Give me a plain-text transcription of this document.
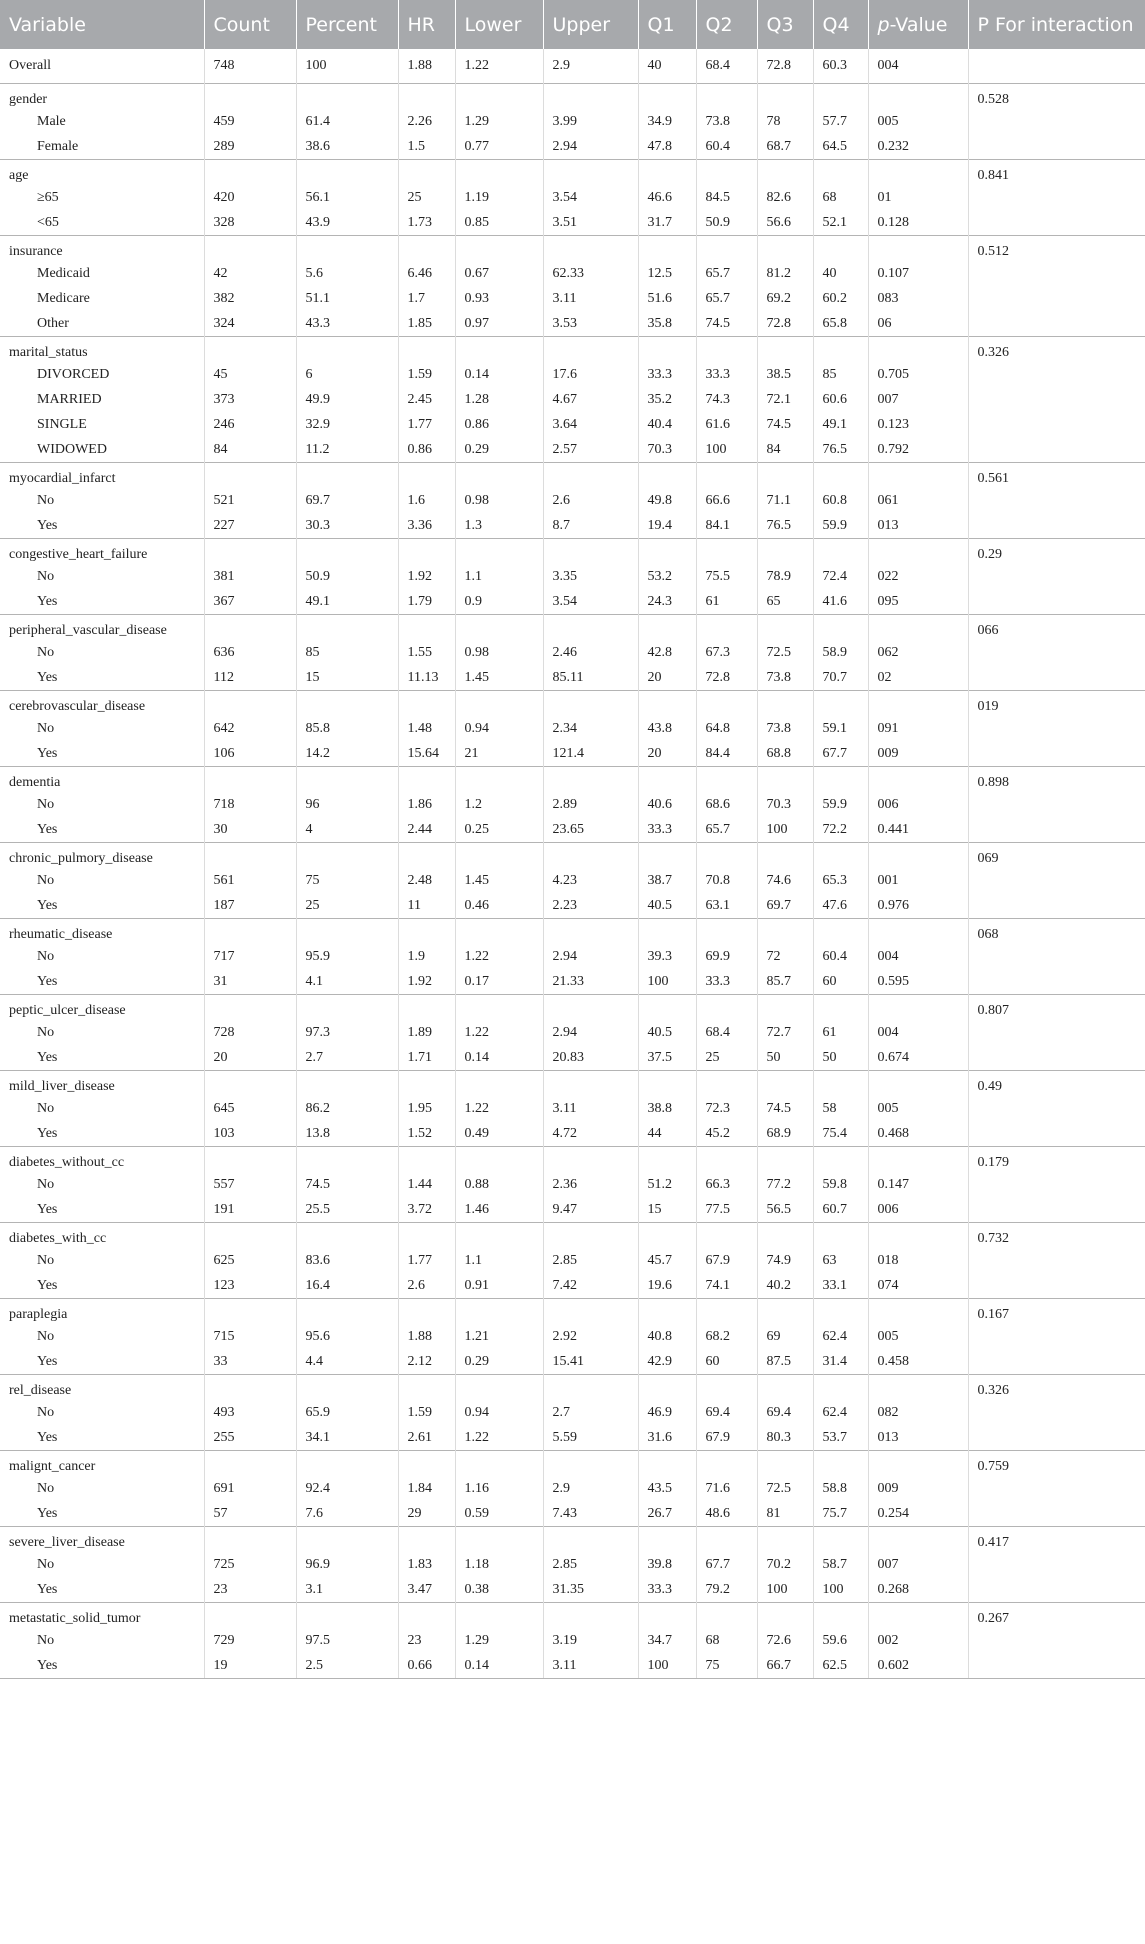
Variable	Count	Percent	HR	Lower	Upper	Q1	Q2	Q3	Q4	p-Value	P For interaction
Overall	748	100	1.88	1.22	2.9	40	68.4	72.8	60.3	004	
gender											0.528
Male	459	61.4	2.26	1.29	3.99	34.9	73.8	78	57.7	005	
Female	289	38.6	1.5	0.77	2.94	47.8	60.4	68.7	64.5	0.232	
age											0.841
≥65	420	56.1	25	1.19	3.54	46.6	84.5	82.6	68	01	
<65	328	43.9	1.73	0.85	3.51	31.7	50.9	56.6	52.1	0.128	
insurance											0.512
Medicaid	42	5.6	6.46	0.67	62.33	12.5	65.7	81.2	40	0.107	
Medicare	382	51.1	1.7	0.93	3.11	51.6	65.7	69.2	60.2	083	
Other	324	43.3	1.85	0.97	3.53	35.8	74.5	72.8	65.8	06	
marital_status											0.326
DIVORCED	45	6	1.59	0.14	17.6	33.3	33.3	38.5	85	0.705	
MARRIED	373	49.9	2.45	1.28	4.67	35.2	74.3	72.1	60.6	007	
SINGLE	246	32.9	1.77	0.86	3.64	40.4	61.6	74.5	49.1	0.123	
WIDOWED	84	11.2	0.86	0.29	2.57	70.3	100	84	76.5	0.792	
myocardial_infarct											0.561
No	521	69.7	1.6	0.98	2.6	49.8	66.6	71.1	60.8	061	
Yes	227	30.3	3.36	1.3	8.7	19.4	84.1	76.5	59.9	013	
congestive_heart_failure											0.29
No	381	50.9	1.92	1.1	3.35	53.2	75.5	78.9	72.4	022	
Yes	367	49.1	1.79	0.9	3.54	24.3	61	65	41.6	095	
peripheral_vascular_disease											066
No	636	85	1.55	0.98	2.46	42.8	67.3	72.5	58.9	062	
Yes	112	15	11.13	1.45	85.11	20	72.8	73.8	70.7	02	
cerebrovascular_disease											019
No	642	85.8	1.48	0.94	2.34	43.8	64.8	73.8	59.1	091	
Yes	106	14.2	15.64	21	121.4	20	84.4	68.8	67.7	009	
dementia											0.898
No	718	96	1.86	1.2	2.89	40.6	68.6	70.3	59.9	006	
Yes	30	4	2.44	0.25	23.65	33.3	65.7	100	72.2	0.441	
chronic_pulmory_disease											069
No	561	75	2.48	1.45	4.23	38.7	70.8	74.6	65.3	001	
Yes	187	25	11	0.46	2.23	40.5	63.1	69.7	47.6	0.976	
rheumatic_disease											068
No	717	95.9	1.9	1.22	2.94	39.3	69.9	72	60.4	004	
Yes	31	4.1	1.92	0.17	21.33	100	33.3	85.7	60	0.595	
peptic_ulcer_disease											0.807
No	728	97.3	1.89	1.22	2.94	40.5	68.4	72.7	61	004	
Yes	20	2.7	1.71	0.14	20.83	37.5	25	50	50	0.674	
mild_liver_disease											0.49
No	645	86.2	1.95	1.22	3.11	38.8	72.3	74.5	58	005	
Yes	103	13.8	1.52	0.49	4.72	44	45.2	68.9	75.4	0.468	
diabetes_without_cc											0.179
No	557	74.5	1.44	0.88	2.36	51.2	66.3	77.2	59.8	0.147	
Yes	191	25.5	3.72	1.46	9.47	15	77.5	56.5	60.7	006	
diabetes_with_cc											0.732
No	625	83.6	1.77	1.1	2.85	45.7	67.9	74.9	63	018	
Yes	123	16.4	2.6	0.91	7.42	19.6	74.1	40.2	33.1	074	
paraplegia											0.167
No	715	95.6	1.88	1.21	2.92	40.8	68.2	69	62.4	005	
Yes	33	4.4	2.12	0.29	15.41	42.9	60	87.5	31.4	0.458	
rel_disease											0.326
No	493	65.9	1.59	0.94	2.7	46.9	69.4	69.4	62.4	082	
Yes	255	34.1	2.61	1.22	5.59	31.6	67.9	80.3	53.7	013	
malignt_cancer											0.759
No	691	92.4	1.84	1.16	2.9	43.5	71.6	72.5	58.8	009	
Yes	57	7.6	29	0.59	7.43	26.7	48.6	81	75.7	0.254	
severe_liver_disease											0.417
No	725	96.9	1.83	1.18	2.85	39.8	67.7	70.2	58.7	007	
Yes	23	3.1	3.47	0.38	31.35	33.3	79.2	100	100	0.268	
metastatic_solid_tumor											0.267
No	729	97.5	23	1.29	3.19	34.7	68	72.6	59.6	002	
Yes	19	2.5	0.66	0.14	3.11	100	75	66.7	62.5	0.602	
